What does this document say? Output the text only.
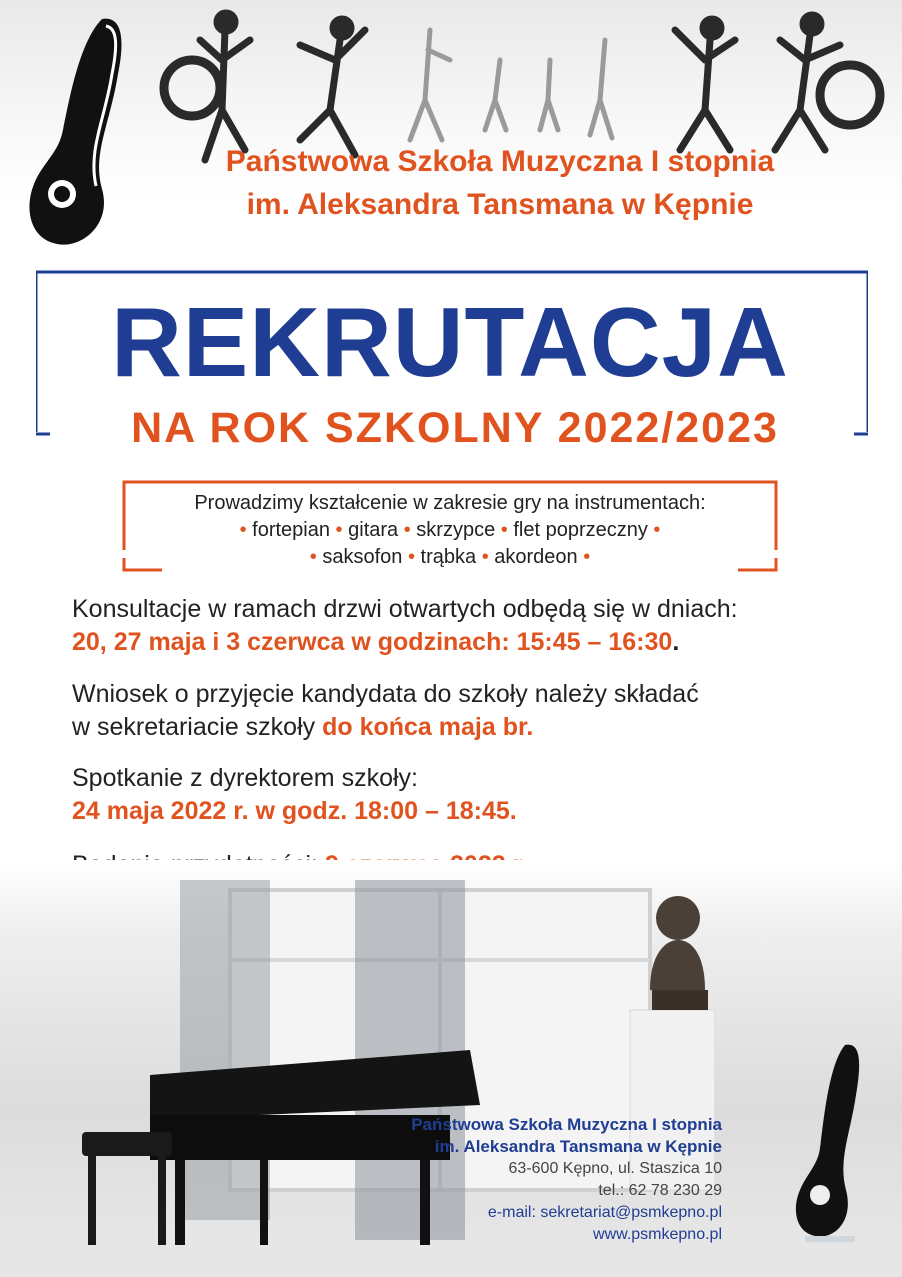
Państwowa Szkoła Muzyczna I stopnia
im. Aleksandra Tansmana w Kępnie
REKRUTACJA
NA ROK SZKOLNY 2022/2023
Prowadzimy kształcenie w zakresie gry na instrumentach:
• fortepian • gitara • skrzypce • flet poprzeczny •
• saksofon • trąbka • akordeon •
Konsultacje w ramach drzwi otwartych odbędą się w dniach:
20, 27 maja i 3 czerwca w godzinach: 15:45 – 16:30.
Wniosek o przyjęcie kandydata do szkoły należy składać
w sekretariacie szkoły do końca maja br.
Spotkanie z dyrektorem szkoły:
24 maja 2022 r. w godz. 18:00 – 18:45.
Państwowa Szkoła Muzyczna I stopnia
im. Aleksandra Tansmana w Kępnie
63-600 Kępno, ul. Staszica 10
tel.: 62 78 230 29
e-mail: sekretariat@psmkepno.pl
www.psmkepno.pl
